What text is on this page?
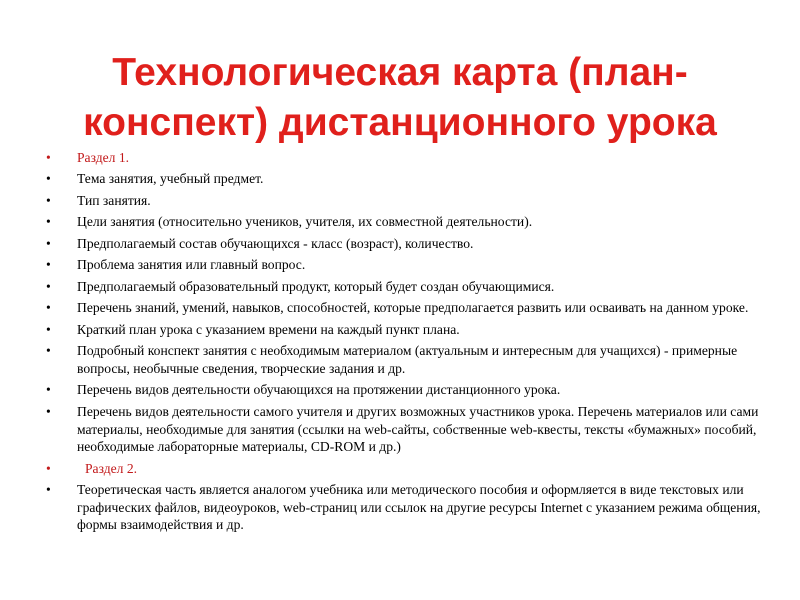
Технологическая карта (план-
конспект) дистанционного урока
•	Раздел 1.
•	Тема занятия, учебный предмет.
•	Тип занятия.
•	Цели занятия (относительно учеников, учителя, их совместной деятельности).
•	Предполагаемый состав обучающихся - класс (возраст), количество.
•	Проблема занятия или главный вопрос.
•	Предполагаемый образовательный продукт, который будет создан обучающимися.
•	Перечень знаний, умений, навыков, способностей, которые предполагается развить или осваивать на данном уроке.
•	Краткий план урока с указанием времени на каждый пункт плана.
•	Подробный конспект занятия с необходимым материалом (актуальным и интересным для учащихся) - примерные вопросы, необычные сведения, творческие задания и др.
•	Перечень видов деятельности обучающихся на протяжении дистанционного урока.
•	Перечень видов деятельности самого учителя и других возможных участников урока. Перечень материалов или сами материалы, необходимые для занятия (ссылки на web-сайты, собственные web-квесты, тексты «бумажных» пособий, необходимые лабораторные материалы, CD-ROM и др.)
•	Раздел 2.
•	Теоретическая часть является аналогом учебника или методического пособия и оформляется в виде текстовых или графических файлов, видеоуроков, web-страниц или ссылок на другие ресурсы Internet с указанием режима общения, формы взаимодействия и др.
